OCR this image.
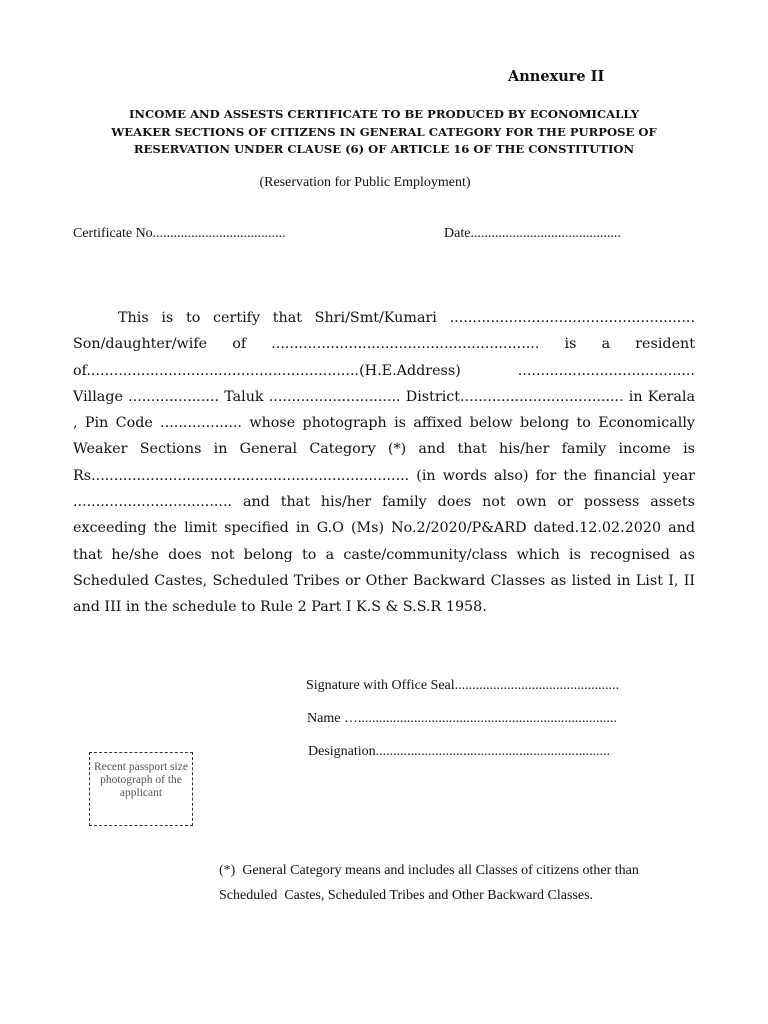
Annexure II
INCOME AND ASSESTS CERTIFICATE TO BE PRODUCED BY ECONOMICALLY
WEAKER SECTIONS OF CITIZENS IN GENERAL CATEGORY FOR THE PURPOSE OF
RESERVATION UNDER CLAUSE (6) OF ARTICLE 16 OF THE CONSTITUTION
(Reservation for Public Employment)
Certificate No......................................	Date...........................................

This is to certify that Shri/Smt/Kumari ...................................................... Son/daughter/wife of ........................................................... is a resident of............................................................(H.E.Address) ....................................... Village .................... Taluk ............................. District.................................... in Kerala , Pin Code .................. whose photograph is affixed below belong to Economically Weaker Sections in General Category (*) and that his/her family income is Rs...................................................................... (in words also) for the financial year ................................... and that his/her family does not own or possess assets exceeding the limit specified in G.O (Ms) No.2/2020/P&ARD dated.12.02.2020 and that he/she does not belong to a caste/community/class which is recognised as Scheduled Castes, Scheduled Tribes or Other Backward Classes as listed in List I, II and III in the schedule to Rule 2 Part I K.S & S.S.R 1958.

Signature with Office Seal...............................................
Name …..........................................................................
Designation...................................................................
Recent passport size
photograph of the
applicant
(*)  General Category means and includes all Classes of citizens other than
Scheduled  Castes, Scheduled Tribes and Other Backward Classes.
